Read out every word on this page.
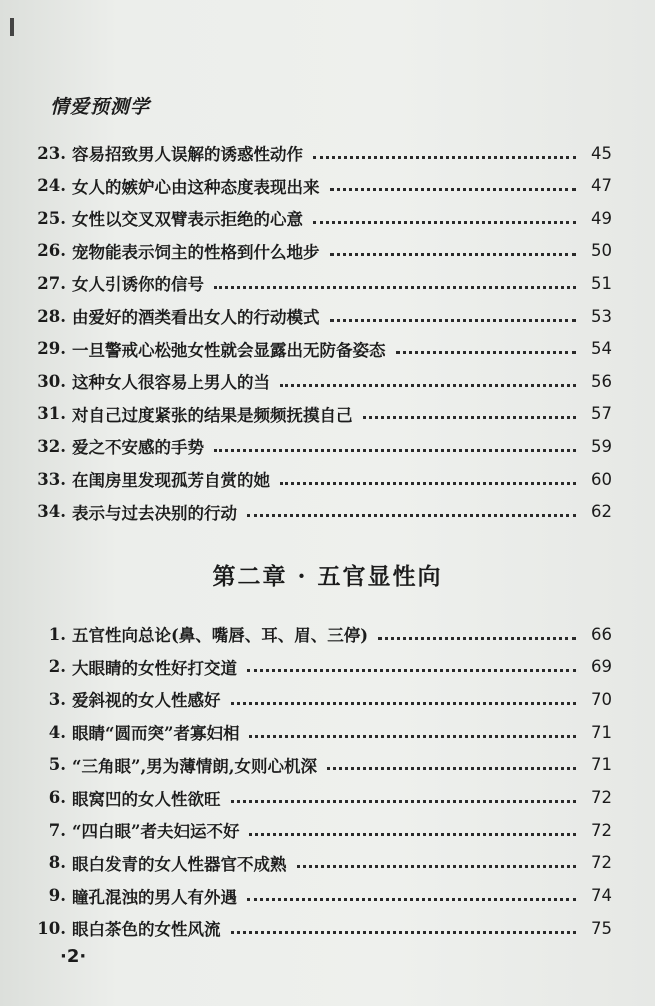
情爱预测学
23. 容易招致男人误解的诱惑性动作	45
24. 女人的嫉妒心由这种态度表现出来	47
25. 女性以交叉双臂表示拒绝的心意	49
26. 宠物能表示饲主的性格到什么地步	50
27. 女人引诱你的信号	51
28. 由爱好的酒类看出女人的行动模式	53
29. 一旦警戒心松弛女性就会显露出无防备姿态	54
30. 这种女人很容易上男人的当	56
31. 对自己过度紧张的结果是频频抚摸自己	57
32. 爱之不安感的手势	59
33. 在闺房里发现孤芳自赏的她	60
34. 表示与过去决别的行动	62
1. 五官性向总论(鼻、嘴唇、耳、眉、三停)	66
2. 大眼睛的女性好打交道	69
3. 爱斜视的女人性感好	70
4. 眼睛“圆而突”者寡妇相	71
5. “三角眼”,男为薄情朗,女则心机深	71
6. 眼窝凹的女人性欲旺	72
7. “四白眼”者夫妇运不好	72
8. 眼白发青的女人性器官不成熟	72
9. 瞳孔混浊的男人有外遇	74
10. 眼白茶色的女性风流	75
第二章 · 五官显性向
·2·
